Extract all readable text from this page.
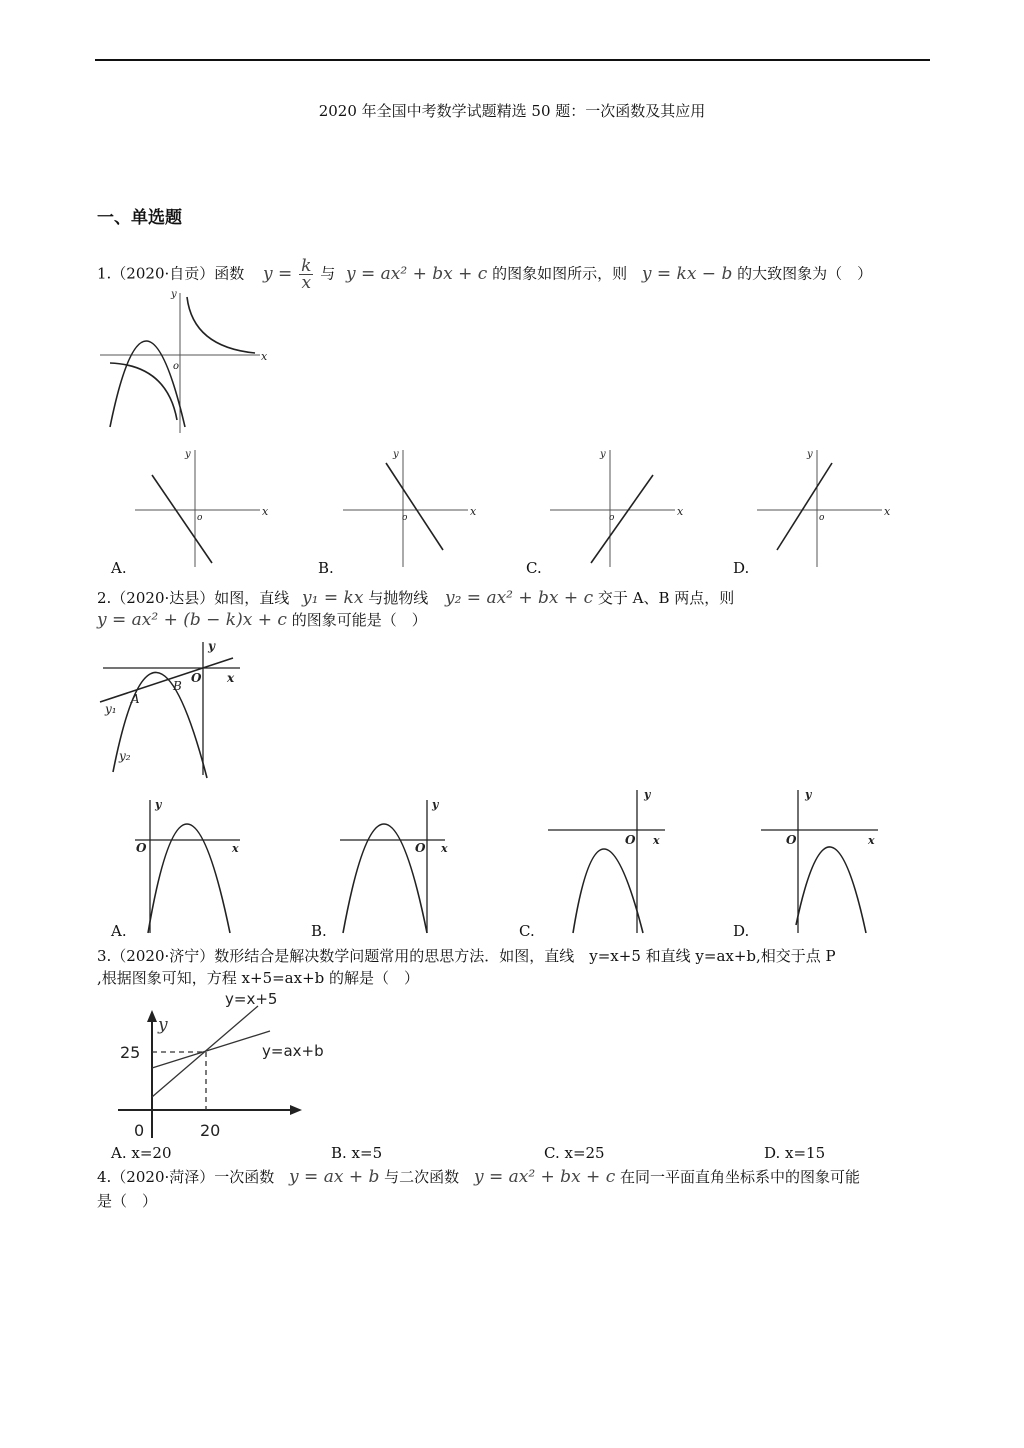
2020 年全国中考数学试题精选 50 题：一次函数及其应用
一、单选题
1.（2020·自贡）函数 $y = \frac{k}{x}$ 与 y = ax² + bx + c 的图象如图所示，则 y = kx − b 的大致图象为（　）
x
y
o
x
y
o	x
y
o	x
y
o	x
y
o
A.	B.	C.	D.
2.（2020·达县）如图，直线 y₁ = kx 与抛物线 y₂ = ax² + bx + c 交于 A、B 两点，则
y = ax² + (b − k)x + c 的图象可能是（　）
x
y
O
A
B
y₁
y₂
x
y
O	x
y
O
x
y
O	x
y
O
A.	B.	C.	D.
3.（2020·济宁）数形结合是解决数学问题常用的思思方法．如图，直线　y=x+5 和直线 y=ax+b,相交于点 P
,根据图象可知，方程 x+5=ax+b 的解是（　）
y
y=x+5
y=ax+b
25
20
0
A. x=20	B. x=5	C. x=25	D. x=15
4.（2020·菏泽）一次函数 y = ax + b 与二次函数 y = ax² + bx + c 在同一平面直角坐标系中的图象可能
是（　）
